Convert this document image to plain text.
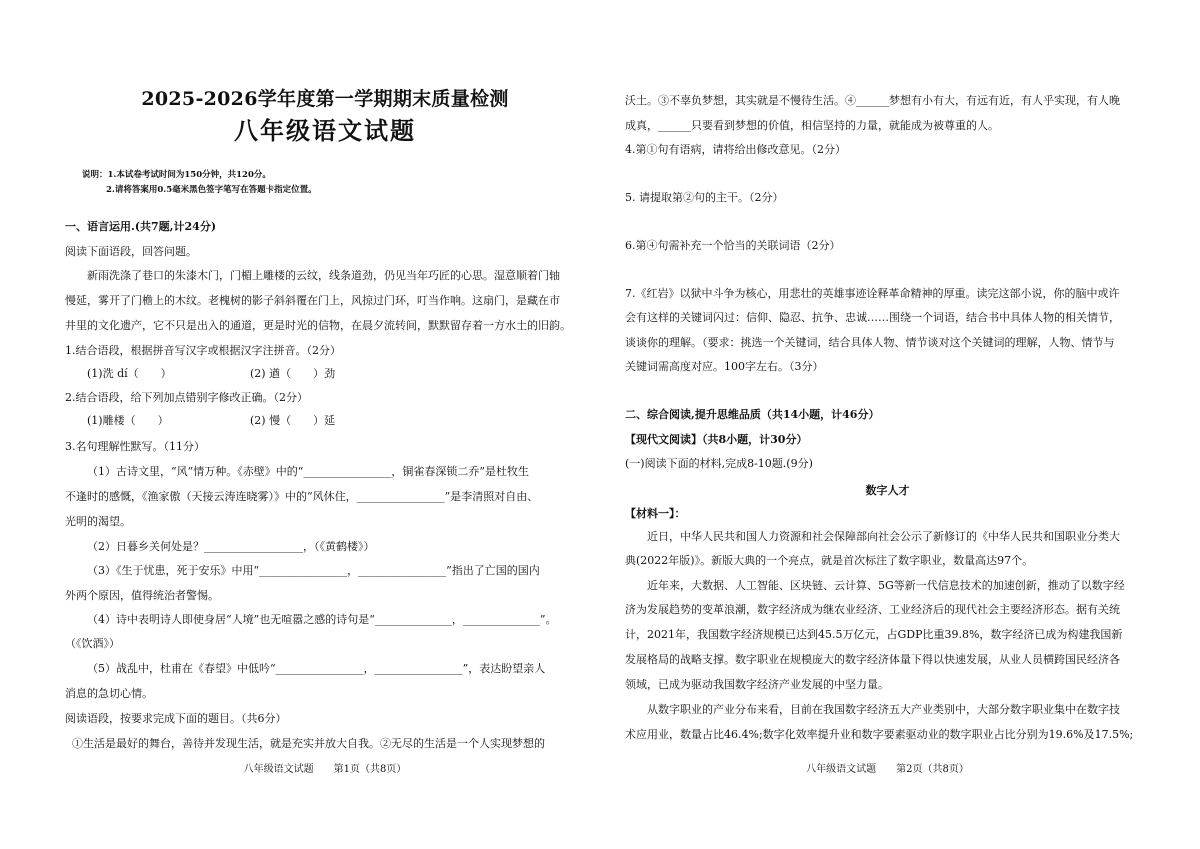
2025-2026学年度第一学期期末质量检测
八年级语文试题
说明：1.本试卷考试时间为150分钟，共120分。
2.请将答案用0.5毫米黑色签字笔写在答题卡指定位置。
一、语言运用.(共7题,计24分)
阅读下面语段，回答问题。
新雨洗涤了巷口的朱漆木门，门楣上雕楼的云纹，线条道劲，仍见当年巧匠的心思。湿意顺着门轴
慢延，雾开了门檐上的木纹。老槐树的影子斜斜覆在门上，风掠过门环，叮当作响。这扇门，是藏在市
井里的文化遗产，它不只是出入的通道，更是时光的信物，在晨夕流转间，默默留存着一方水土的旧韵。
1.结合语段，根据拼音写汉字或根据汉字注拼音。（2分）
(1)洗 dí（　　）	(2) 遒（　　）劲
2.结合语段，给下列加点错别字修改正确。（2分）
(1)雕楼（　　）	(2) 慢（　　）延
3.名句理解性默写。（11分）
（1）古诗文里，“风”情万种。《赤壁》中的“________________，铜雀春深锁二乔”是杜牧生
不逢时的感慨，《渔家傲（天接云涛连晓雾）》中的“风休住，________________”是李清照对自由、
光明的渴望。
（2）日暮乡关何处是？__________________，（《黄鹤楼》）
（3）《生于忧患，死于安乐》中用“________________，________________”指出了亡国的国内
外两个原因，值得统治者警惕。
（4）诗中表明诗人即使身居“人境”也无喧嚣之感的诗句是“______________，______________”。
（《饮酒》）
（5）战乱中，杜甫在《春望》中低吟“________________，________________”，表达盼望亲人
消息的急切心情。
阅读语段，按要求完成下面的题目。（共6分）
①生活是最好的舞台，善待并发现生活，就是充实并放大自我。②无尽的生活是一个人实现梦想的
八年级语文试题　　第1页（共8页）
沃土。③不辜负梦想，其实就是不慢待生活。④______梦想有小有大，有远有近，有人乎实现，有人晚
成真，______只要看到梦想的价值，相信坚持的力量，就能成为被尊重的人。
4.第①句有语病，请将给出修改意见。（2分）
5. 请提取第②句的主干。（2分）
6.第④句需补充一个恰当的关联词语（2分）
7.《红岩》以狱中斗争为核心，用悲壮的英雄事迹诠释革命精神的厚重。读完这部小说，你的脑中或许
会有这样的关键词闪过：信仰、隐忍、抗争、忠诚……围绕一个词语，结合书中具体人物的相关情节，
谈谈你的理解。（要求：挑选一个关键词，结合具体人物、情节谈对这个关键词的理解，人物、情节与
关键词需高度对应。100字左右。（3分）
二、综合阅读,提升思维品质（共14小题，计46分）
【现代文阅读】（共8小题，计30分）
(一)阅读下面的材料,完成8-10题.(9分)
数字人才
【材料一】：
近日，中华人民共和国人力资源和社会保障部向社会公示了新修订的《中华人民共和国职业分类大
典(2022年版)》。新版大典的一个亮点，就是首次标注了数字职业，数量高达97个。
近年来，大数据、人工智能、区块链、云计算、5G等新一代信息技术的加速创新，推动了以数字经
济为发展趋势的变革浪潮，数字经济成为继农业经济、工业经济后的现代社会主要经济形态。据有关统
计，2021年，我国数字经济规模已达到45.5万亿元，占GDP比重39.8%，数字经济已成为构建我国新
发展格局的战略支撑。数字职业在规模庞大的数字经济体量下得以快速发展，从业人员横跨国民经济各
领域，已成为驱动我国数字经济产业发展的中坚力量。
从数字职业的产业分布来看，目前在我国数字经济五大产业类别中，大部分数字职业集中在数字技
术应用业，数量占比46.4%;数字化效率提升业和数字要素驱动业的数字职业占比分别为19.6%及17.5%;
八年级语文试题　　第2页（共8页）
